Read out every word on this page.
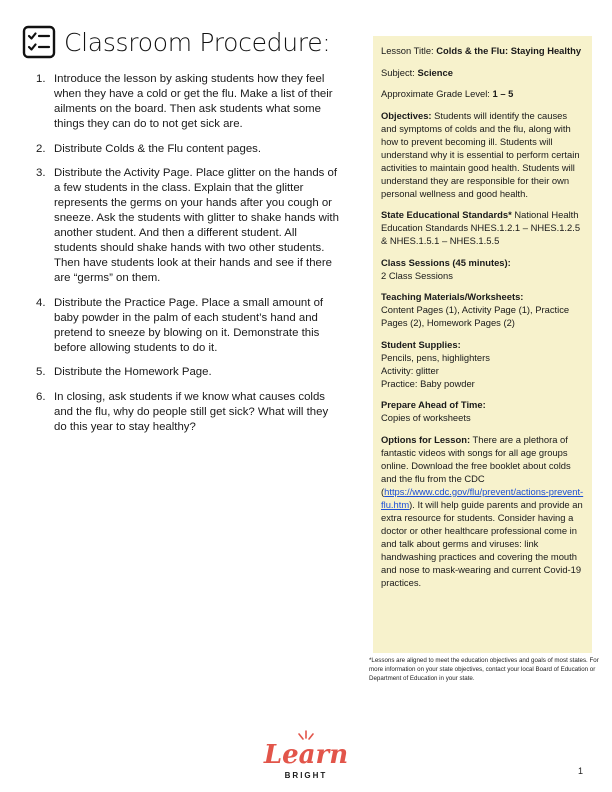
Classroom Procedure:
1. Introduce the lesson by asking students how they feel when they have a cold or get the flu. Make a list of their ailments on the board. Then ask students what some things they can do to not get sick are.
2. Distribute Colds & the Flu content pages.
3. Distribute the Activity Page. Place glitter on the hands of a few students in the class. Explain that the glitter represents the germs on your hands after you cough or sneeze. Ask the students with glitter to shake hands with another student. And then a different student. All students should shake hands with two other students. Then have students look at their hands and see if there are “germs” on them.
4. Distribute the Practice Page. Place a small amount of baby powder in the palm of each student’s hand and pretend to sneeze by blowing on it. Demonstrate this before allowing students to do it.
5. Distribute the Homework Page.
6. In closing, ask students if we know what causes colds and the flu, why do people still get sick? What will they do this year to stay healthy?

Lesson Title: Colds & the Flu: Staying Healthy

Subject: Science

Approximate Grade Level: 1 – 5

Objectives: Students will identify the causes and symptoms of colds and the flu, along with how to prevent becoming ill. Students will understand why it is essential to perform certain activities to maintain good health. Students will understand they are responsible for their own personal wellness and good health.

State Educational Standards* National Health Education Standards NHES.1.2.1 – NHES.1.2.5 & NHES.1.5.1 – NHES.1.5.5

Class Sessions (45 minutes):
2 Class Sessions

Teaching Materials/Worksheets:
Content Pages (1), Activity Page (1), Practice Pages (2), Homework Pages (2)

Student Supplies:
Pencils, pens, highlighters
Activity: glitter
Practice: Baby powder

Prepare Ahead of Time:
Copies of worksheets

Options for Lesson: There are a plethora of fantastic videos with songs for all age groups online. Download the free booklet about colds and the flu from the CDC (https://www.cdc.gov/flu/prevent/actions-prevent-flu.htm). It will help guide parents and provide an extra resource for students. Consider having a doctor or other healthcare professional come in and talk about germs and viruses: link handwashing practices and covering the mouth and nose to mask-wearing and current Covid-19 practices.

*Lessons are aligned to meet the education objectives and goals of most states. For more information on your state objectives, contact your local Board of Education or Department of Education in your state.

Learn
BRIGHT	1
